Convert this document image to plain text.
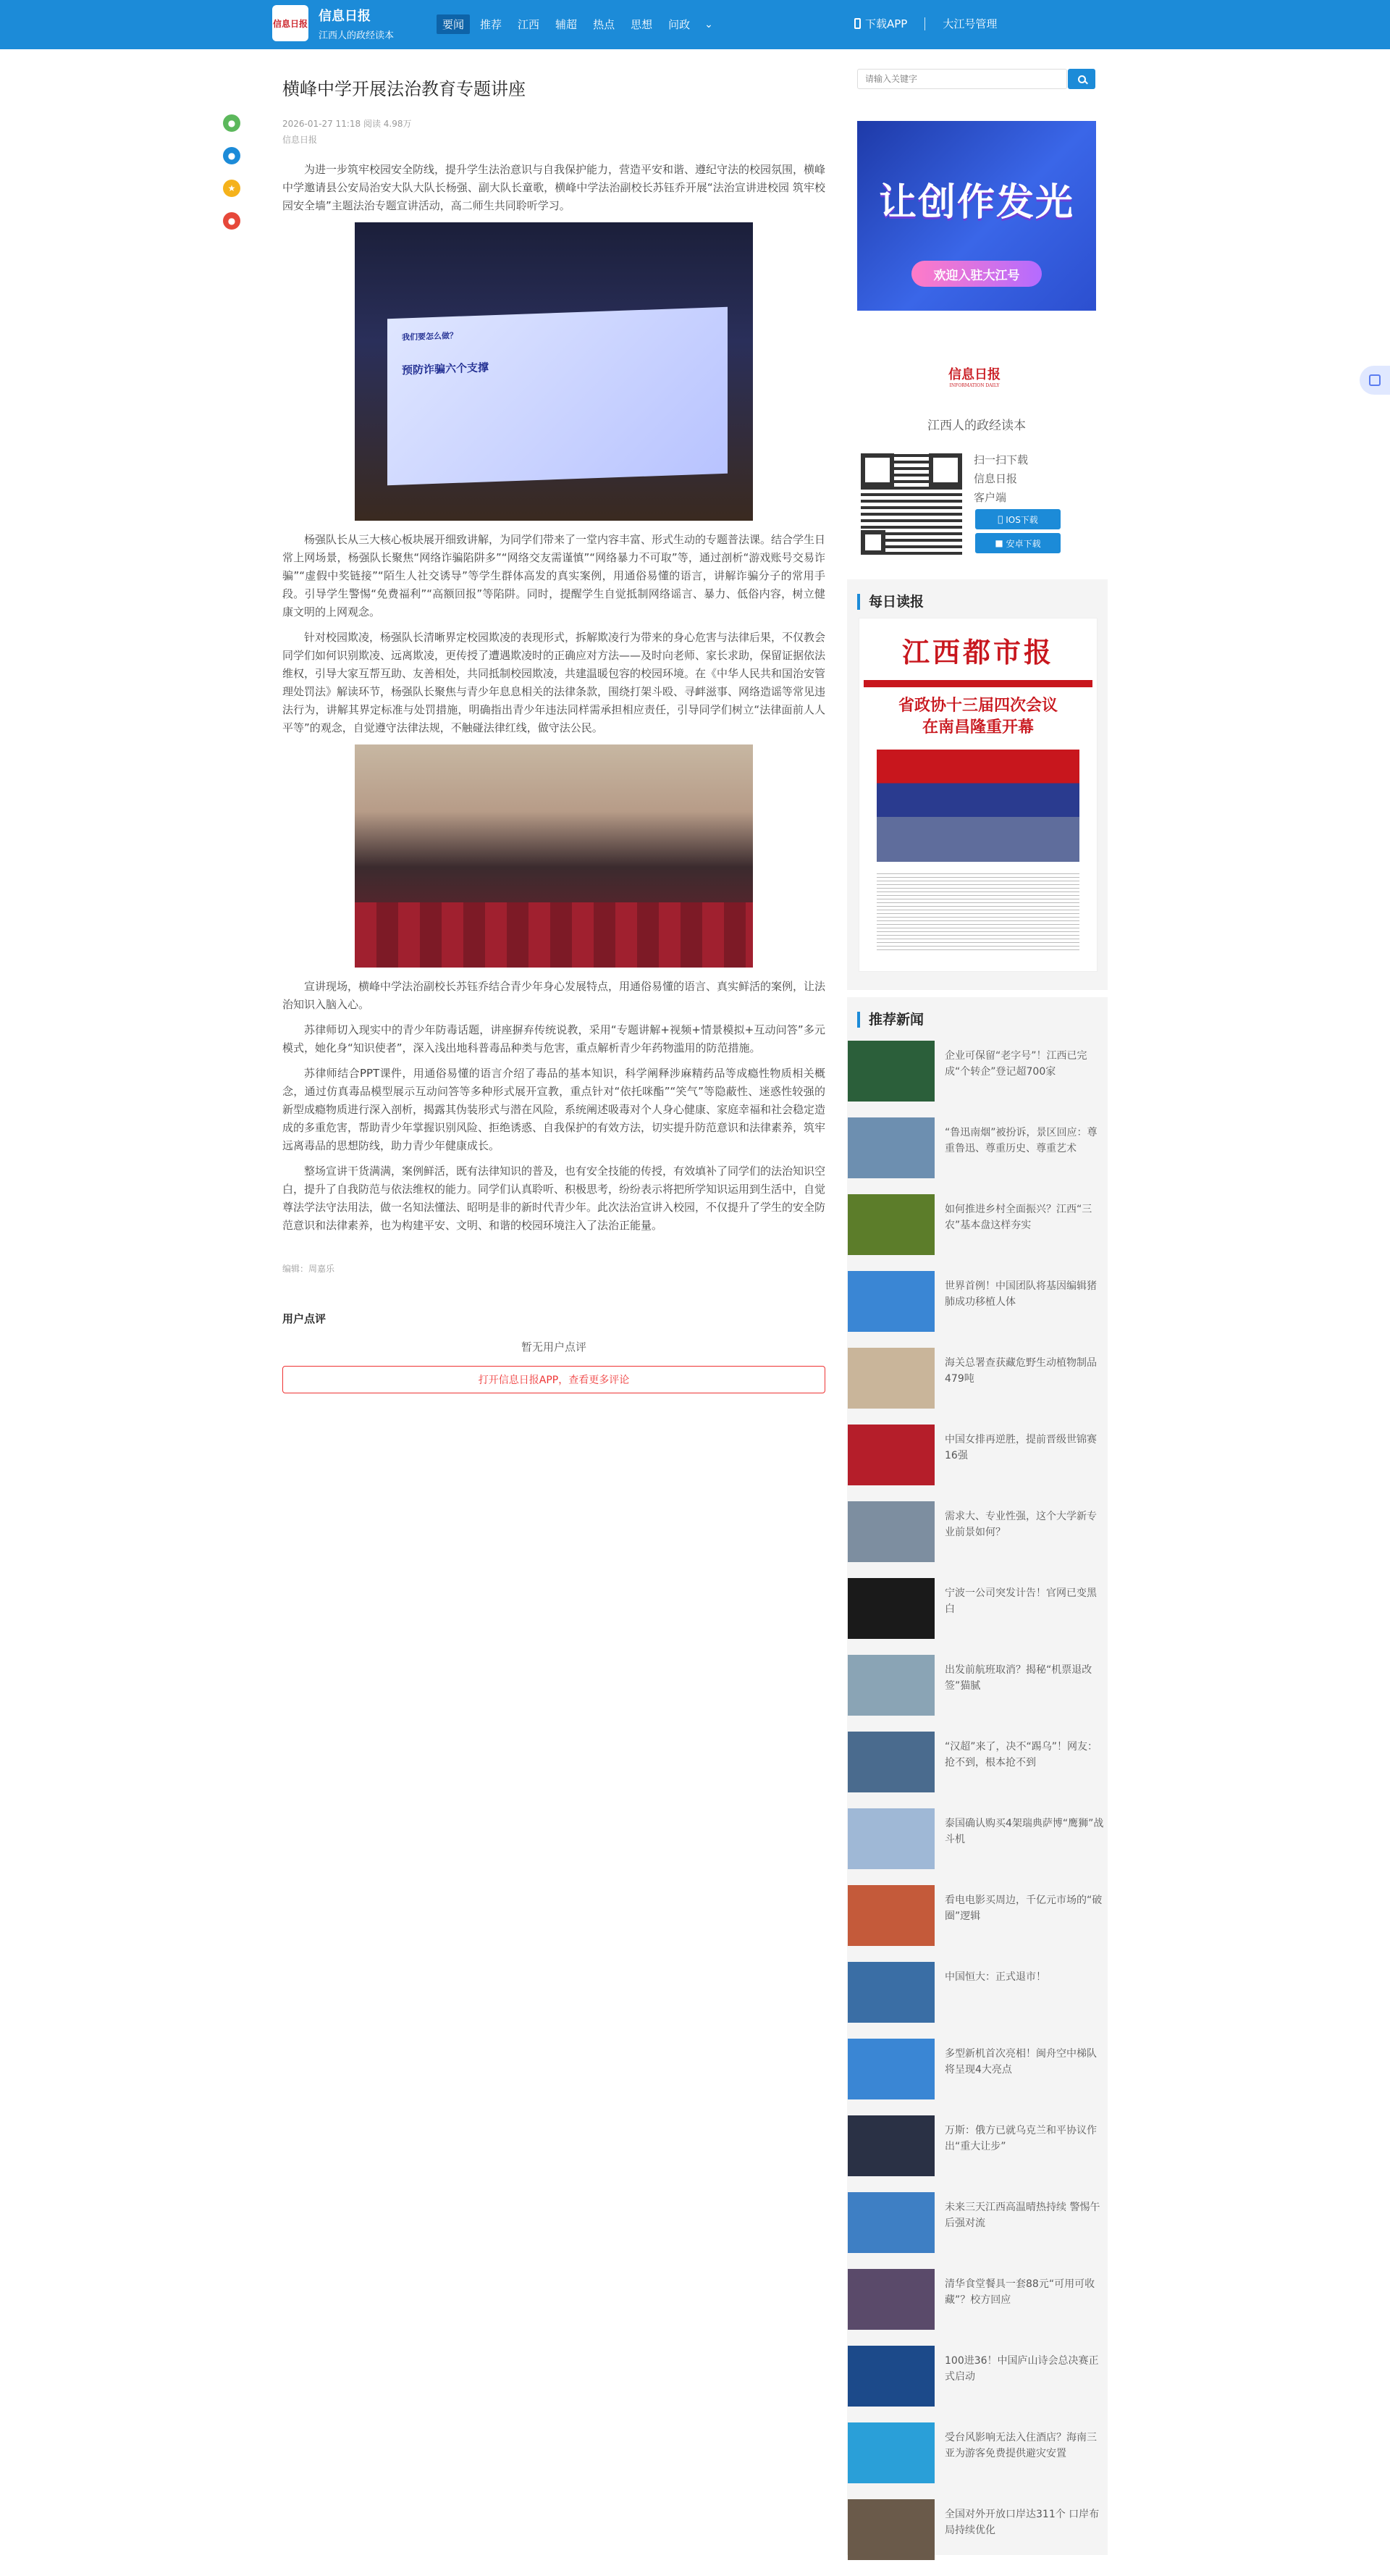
信息日报 信息日报
江西人的政经读本
要闻	推荐	江西	辅超	热点	思想	问政	⌄	下载APP	大江号管理
●
●
★
●
横峰中学开展法治教育专题讲座
2026-01-27 11:18 阅读 4.98万
信息日报

为进一步筑牢校园安全防线，提升学生法治意识与自我保护能力，营造平安和谐、遵纪守法的校园氛围，横峰中学邀请县公安局治安大队大队长杨强、副大队长童歌，横峰中学法治副校长苏钰乔开展“法治宣讲进校园 筑牢校园安全墙”主题法治专题宣讲活动，高二师生共同聆听学习。

我们要怎么做？
预防诈骗六个支撑

杨强队长从三大核心板块展开细致讲解，为同学们带来了一堂内容丰富、形式生动的专题普法课。结合学生日常上网场景，杨强队长聚焦“网络诈骗陷阱多”“网络交友需谨慎”“网络暴力不可取”等，通过剖析“游戏账号交易诈骗”“虚假中奖链接”“陌生人社交诱导”等学生群体高发的真实案例，用通俗易懂的语言，讲解诈骗分子的常用手段。引导学生警惕“免费福利”“高额回报”等陷阱。同时，提醒学生自觉抵制网络谣言、暴力、低俗内容，树立健康文明的上网观念。

针对校园欺凌，杨强队长清晰界定校园欺凌的表现形式，拆解欺凌行为带来的身心危害与法律后果，不仅教会同学们如何识别欺凌、远离欺凌，更传授了遭遇欺凌时的正确应对方法——及时向老师、家长求助，保留证据依法维权，引导大家互帮互助、友善相处，共同抵制校园欺凌，共建温暖包容的校园环境。在《中华人民共和国治安管理处罚法》解读环节，杨强队长聚焦与青少年息息相关的法律条款，围绕打架斗殴、寻衅滋事、网络造谣等常见违法行为，讲解其界定标准与处罚措施，明确指出青少年违法同样需承担相应责任，引导同学们树立“法律面前人人平等”的观念，自觉遵守法律法规，不触碰法律红线，做守法公民。

宣讲现场，横峰中学法治副校长苏钰乔结合青少年身心发展特点，用通俗易懂的语言、真实鲜活的案例，让法治知识入脑入心。

苏律师切入现实中的青少年防毒话题，讲座摒弃传统说教，采用“专题讲解+视频+情景模拟+互动问答”多元模式，她化身“知识使者”，深入浅出地科普毒品种类与危害，重点解析青少年药物滥用的防范措施。

苏律师结合PPT课件，用通俗易懂的语言介绍了毒品的基本知识，科学阐释涉麻精药品等成瘾性物质相关概念，通过仿真毒品模型展示互动问答等多种形式展开宣教，重点针对“依托咪酯”“笑气”等隐蔽性、迷惑性较强的新型成瘾物质进行深入剖析，揭露其伪装形式与潜在风险，系统阐述吸毒对个人身心健康、家庭幸福和社会稳定造成的多重危害，帮助青少年掌握识别风险、拒绝诱惑、自我保护的有效方法，切实提升防范意识和法律素养，筑牢远离毒品的思想防线，助力青少年健康成长。

整场宣讲干货满满，案例鲜活，既有法律知识的普及，也有安全技能的传授，有效填补了同学们的法治知识空白，提升了自我防范与依法维权的能力。同学们认真聆听、积极思考，纷纷表示将把所学知识运用到生活中，自觉尊法学法守法用法，做一名知法懂法、昭明是非的新时代青少年。此次法治宣讲入校园，不仅提升了学生的安全防范意识和法律素养，也为构建平安、文明、和谐的校园环境注入了法治正能量。

编辑：周嘉乐
用户点评
暂无用户点评
打开信息日报APP，查看更多评论
请输入关键字
让创作发光
欢迎入驻大江号
信息日报
INFORMATION DAILY
江西人的政经读本
扫一扫下载
信息日报
客户端
IOS下载
■ 安卓下载
每日读报
江西都市报
省政协十三届四次会议
在南昌隆重开幕
推荐新闻
企业可保留“老字号”！江西已完成“个转企”登记超700家
“鲁迅南烟”被扮诉，景区回应：尊重鲁迅、尊重历史、尊重艺术
如何推进乡村全面振兴？江西“三农”基本盘这样夯实
世界首例！中国团队将基因编辑猪肺成功移植人体
海关总署查获藏危野生动植物制品479吨
中国女排再逆胜，提前晋级世锦赛16强
需求大、专业性强，这个大学新专业前景如何？
宁波一公司突发计告！官网已变黑白
出发前航班取消？揭秘“机票退改签”猫腻
“汉超”来了，决不“踢乌”！网友：抢不到，根本抢不到
泰国确认购买4架瑞典萨博“鹰狮”战斗机
看电电影买周边，千亿元市场的“破圈”逻辑
中国恒大：正式退市！
多型新机首次亮相！闽舟空中梯队将呈现4大亮点
万斯：俄方已就乌克兰和平协议作出“重大让步”
未来三天江西高温晴热持续 警惕午后强对流
清华食堂餐具一套88元“可用可收藏”？校方回应
100进36！中国庐山诗会总决赛正式启动
受台风影响无法入住酒店？海南三亚为游客免费提供避灾安置
全国对外开放口岸达311个 口岸布局持续优化
